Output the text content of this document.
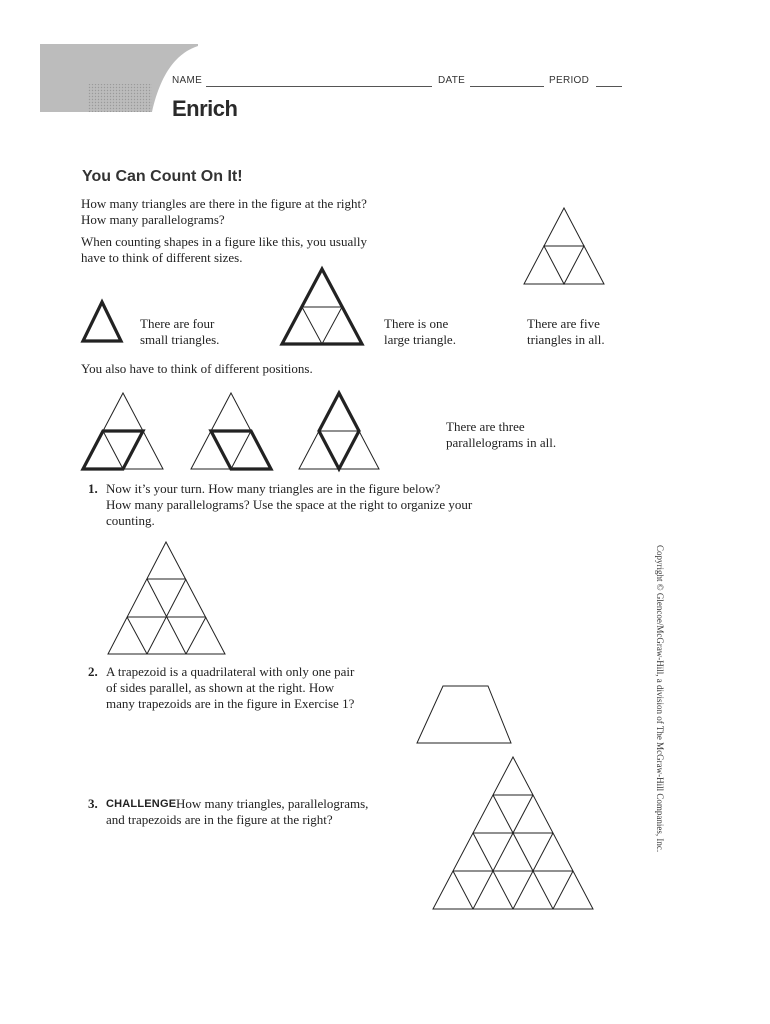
NAME	DATE	PERIOD
Enrich
You Can Count On It!
How many triangles are there in the figure at the right?
How many parallelograms?
When counting shapes in a figure like this, you usually
have to think of different sizes.
There are four
small triangles.
There is one
large triangle.
There are five
triangles in all.
You also have to think of different positions.
There are three
parallelograms in all.
1. Now it’s your turn. How many triangles are in the figure below?
How many parallelograms? Use the space at the right to organize your
counting.
2. A trapezoid is a quadrilateral with only one pair
of sides parallel, as shown at the right. How
many trapezoids are in the figure in Exercise 1?
3. CHALLENGE How many triangles, parallelograms,
and trapezoids are in the figure at the right?	Copyright © Glencoe/McGraw-Hill, a division of The McGraw-Hill Companies, Inc.
